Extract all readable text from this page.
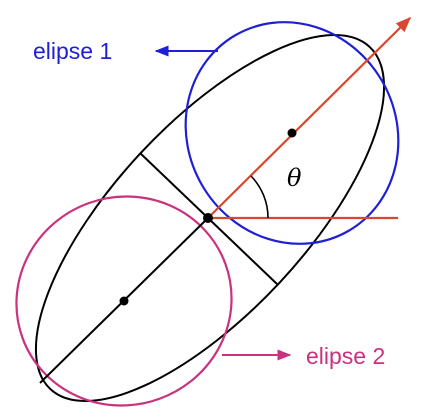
elipse 1
elipse 2
θ
